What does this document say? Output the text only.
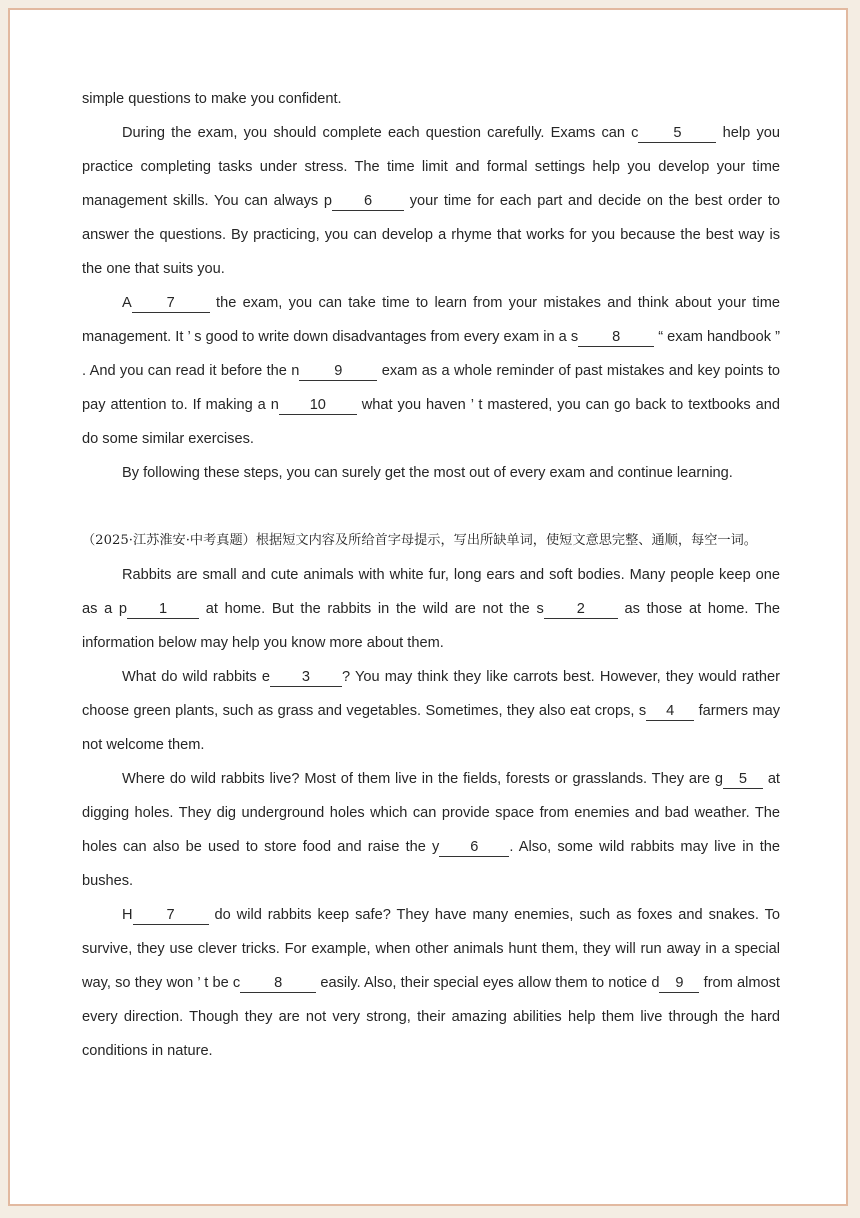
simple questions to make you confident.

During the exam, you should complete each question carefully. Exams can c 5 help you practice completing tasks under stress. The time limit and formal settings help you develop your time management skills. You can always p 6 your time for each part and decide on the best order to answer the questions. By practicing, you can develop a rhyme that works for you because the best way is the one that suits you.

A 7 the exam, you can take time to learn from your mistakes and think about your time management. It ’ s good to write down disadvantages from every exam in a s 8 “ exam handbook ” . And you can read it before the n 9 exam as a whole reminder of past mistakes and key points to pay attention to. If making a n 10 what you haven ’ t mastered, you can go back to textbooks and do some similar exercises.

By following these steps, you can surely get the most out of every exam and continue learning.

（2025·江苏淮安·中考真题）根据短文内容及所给首字母提示，写出所缺单词，使短文意思完整、通顺，每空一词。

Rabbits are small and cute animals with white fur, long ears and soft bodies. Many people keep one as a p 1 at home. But the rabbits in the wild are not the s 2 as those at home. The information below may help you know more about them.

What do wild rabbits e 3 ? You may think they like carrots best. However, they would rather choose green plants, such as grass and vegetables. Sometimes, they also eat crops, s 4 farmers may not welcome them.

Where do wild rabbits live? Most of them live in the fields, forests or grasslands. They are g 5 at digging holes. They dig underground holes which can provide space from enemies and bad weather. The holes can also be used to store food and raise the y 6 . Also, some wild rabbits may live in the bushes.

H 7 do wild rabbits keep safe? They have many enemies, such as foxes and snakes. To survive, they use clever tricks. For example, when other animals hunt them, they will run away in a special way, so they won ’ t be c 8 easily. Also, their special eyes allow them to notice d 9 from almost every direction. Though they are not very strong, their amazing abilities help them live through the hard conditions in nature.
